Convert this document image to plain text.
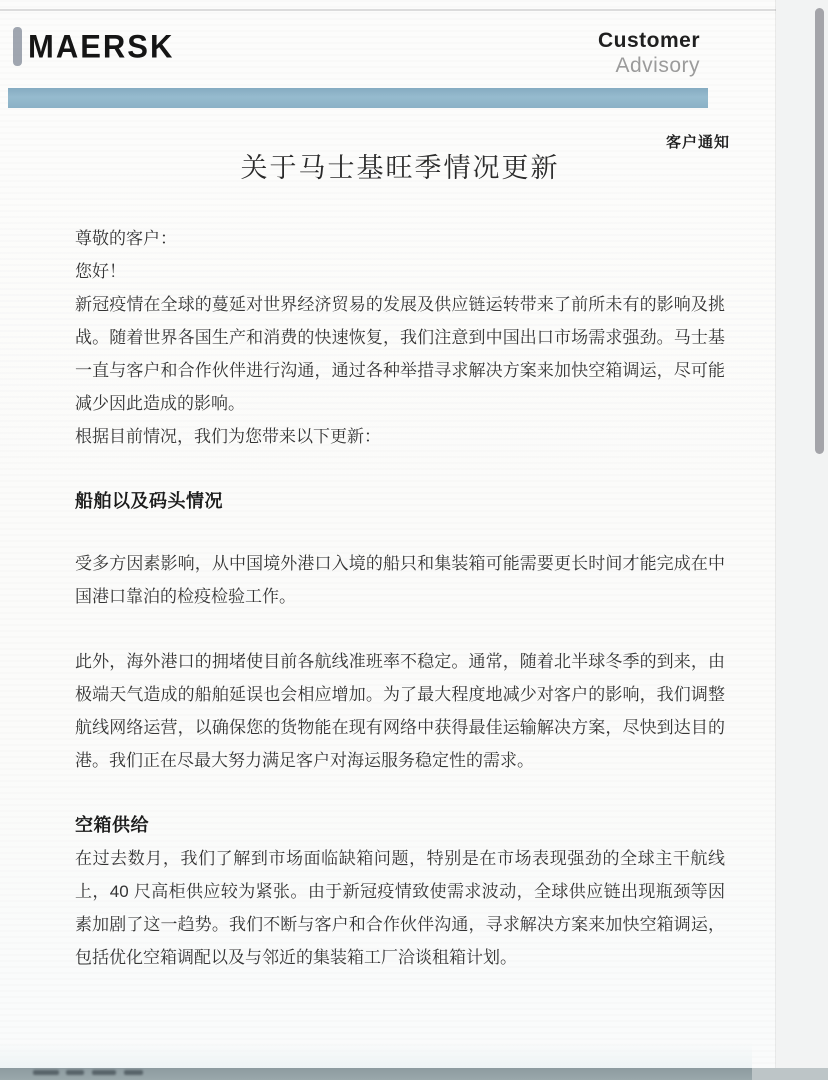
MAERSK	Customer
Advisory
客户通知
关于马士基旺季情况更新

尊敬的客户：

您好！

新冠疫情在全球的蔓延对世界经济贸易的发展及供应链运转带来了前所未有的影响及挑战。随着世界各国生产和消费的快速恢复，我们注意到中国出口市场需求强劲。马士基一直与客户和合作伙伴进行沟通，通过各种举措寻求解决方案来加快空箱调运，尽可能减少因此造成的影响。

根据目前情况，我们为您带来以下更新：

船舶以及码头情况

受多方因素影响，从中国境外港口入境的船只和集装箱可能需要更长时间才能完成在中国港口靠泊的检疫检验工作。

此外，海外港口的拥堵使目前各航线准班率不稳定。通常，随着北半球冬季的到来，由极端天气造成的船舶延误也会相应增加。为了最大程度地减少对客户的影响，我们调整航线网络运营，以确保您的货物能在现有网络中获得最佳运输解决方案，尽快到达目的港。我们正在尽最大努力满足客户对海运服务稳定性的需求。

空箱供给

在过去数月，我们了解到市场面临缺箱问题，特别是在市场表现强劲的全球主干航线上，40 尺高柜供应较为紧张。由于新冠疫情致使需求波动，全球供应链出现瓶颈等因素加剧了这一趋势。我们不断与客户和合作伙伴沟通，寻求解决方案来加快空箱调运，包括优化空箱调配以及与邻近的集装箱工厂洽谈租箱计划。
